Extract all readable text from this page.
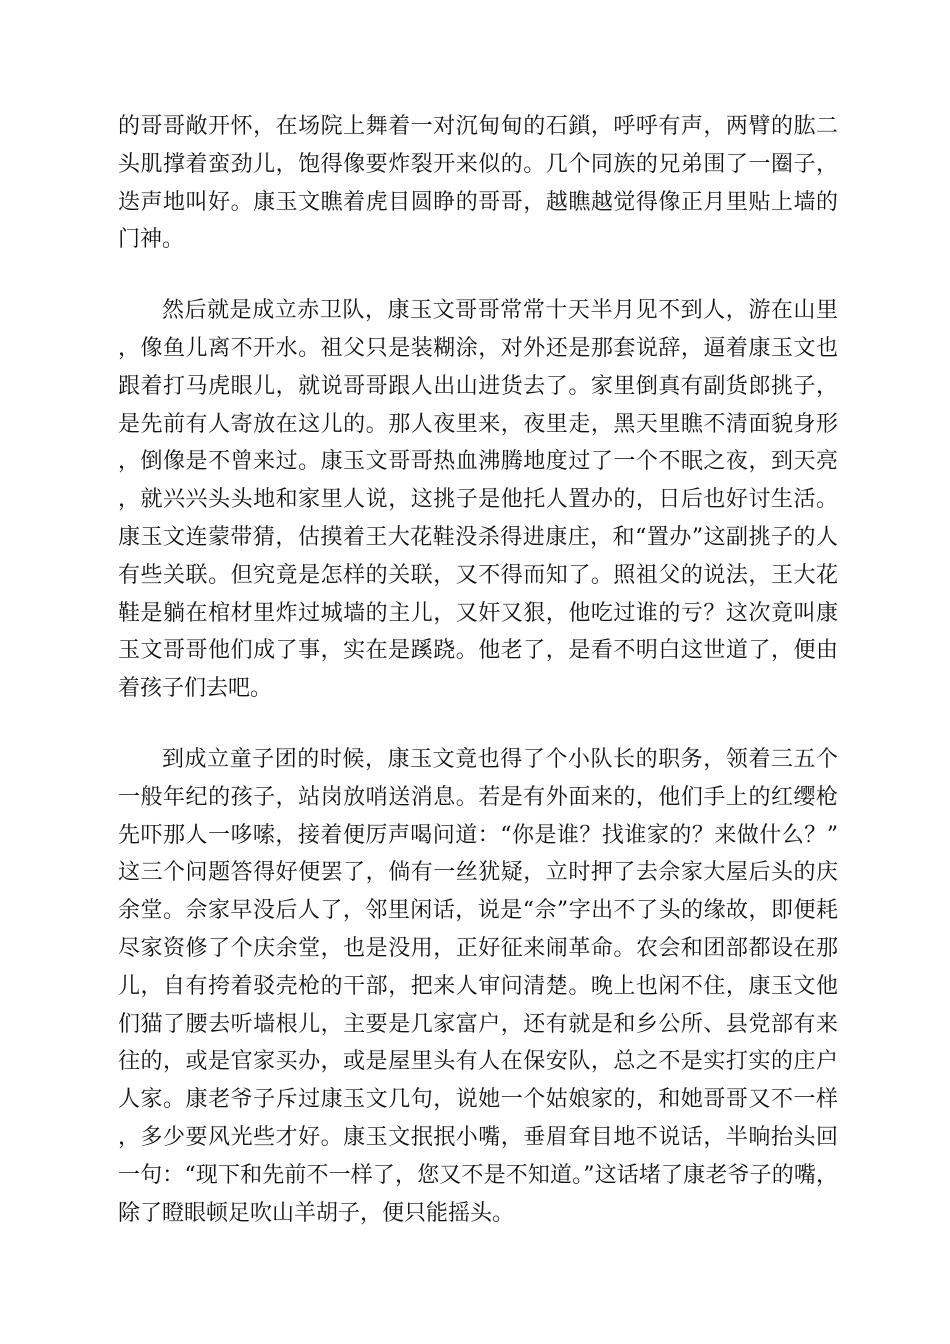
的哥哥敞开怀，在场院上舞着一对沉甸甸的石鎖，呼呼有声，两臂的肱二头肌撑着蛮劲儿，饱得像要炸裂开来似的。几个同族的兄弟围了一圈子，迭声地叫好。康玉文瞧着虎目圆睁的哥哥，越瞧越觉得像正月里贴上墙的门神。

然后就是成立赤卫队，康玉文哥哥常常十天半月见不到人，游在山里，像鱼儿离不开水。祖父只是装糊涂，对外还是那套说辞，逼着康玉文也跟着打马虎眼儿，就说哥哥跟人出山进货去了。家里倒真有副货郎挑子，是先前有人寄放在这儿的。那人夜里来，夜里走，黑天里瞧不清面貌身形，倒像是不曾来过。康玉文哥哥热血沸腾地度过了一个不眠之夜，到天亮，就兴兴头头地和家里人说，这挑子是他托人置办的，日后也好讨生活。康玉文连蒙带猜，估摸着王大花鞋没杀得进康庄，和“置办”这副挑子的人有些关联。但究竟是怎样的关联，又不得而知了。照祖父的说法，王大花鞋是躺在棺材里炸过城墙的主儿，又奸又狠，他吃过谁的亏？这次竟叫康玉文哥哥他们成了事，实在是蹊跷。他老了，是看不明白这世道了，便由着孩子们去吧。

到成立童子团的时候，康玉文竟也得了个小队长的职务，领着三五个一般年纪的孩子，站岗放哨送消息。若是有外面来的，他们手上的红缨枪先吓那人一哆嗦，接着便厉声喝问道：“你是谁？找谁家的？来做什么？”这三个问题答得好便罢了，倘有一丝犹疑，立时押了去佘家大屋后头的庆余堂。佘家早没后人了，邻里闲话，说是“佘”字出不了头的缘故，即便耗尽家资修了个庆余堂，也是没用，正好征来闹革命。农会和团部都设在那儿，自有挎着驳壳枪的干部，把来人审问清楚。晚上也闲不住，康玉文他们猫了腰去听墙根儿，主要是几家富户，还有就是和乡公所、县党部有来往的，或是官家买办，或是屋里头有人在保安队，总之不是实打实的庄户人家。康老爷子斥过康玉文几句，说她一个姑娘家的，和她哥哥又不一样，多少要风光些才好。康玉文抿抿小嘴，垂眉耷目地不说话，半晌抬头回一句：“现下和先前不一样了，您又不是不知道。”这话堵了康老爷子的嘴，除了瞪眼顿足吹山羊胡子，便只能摇头。
